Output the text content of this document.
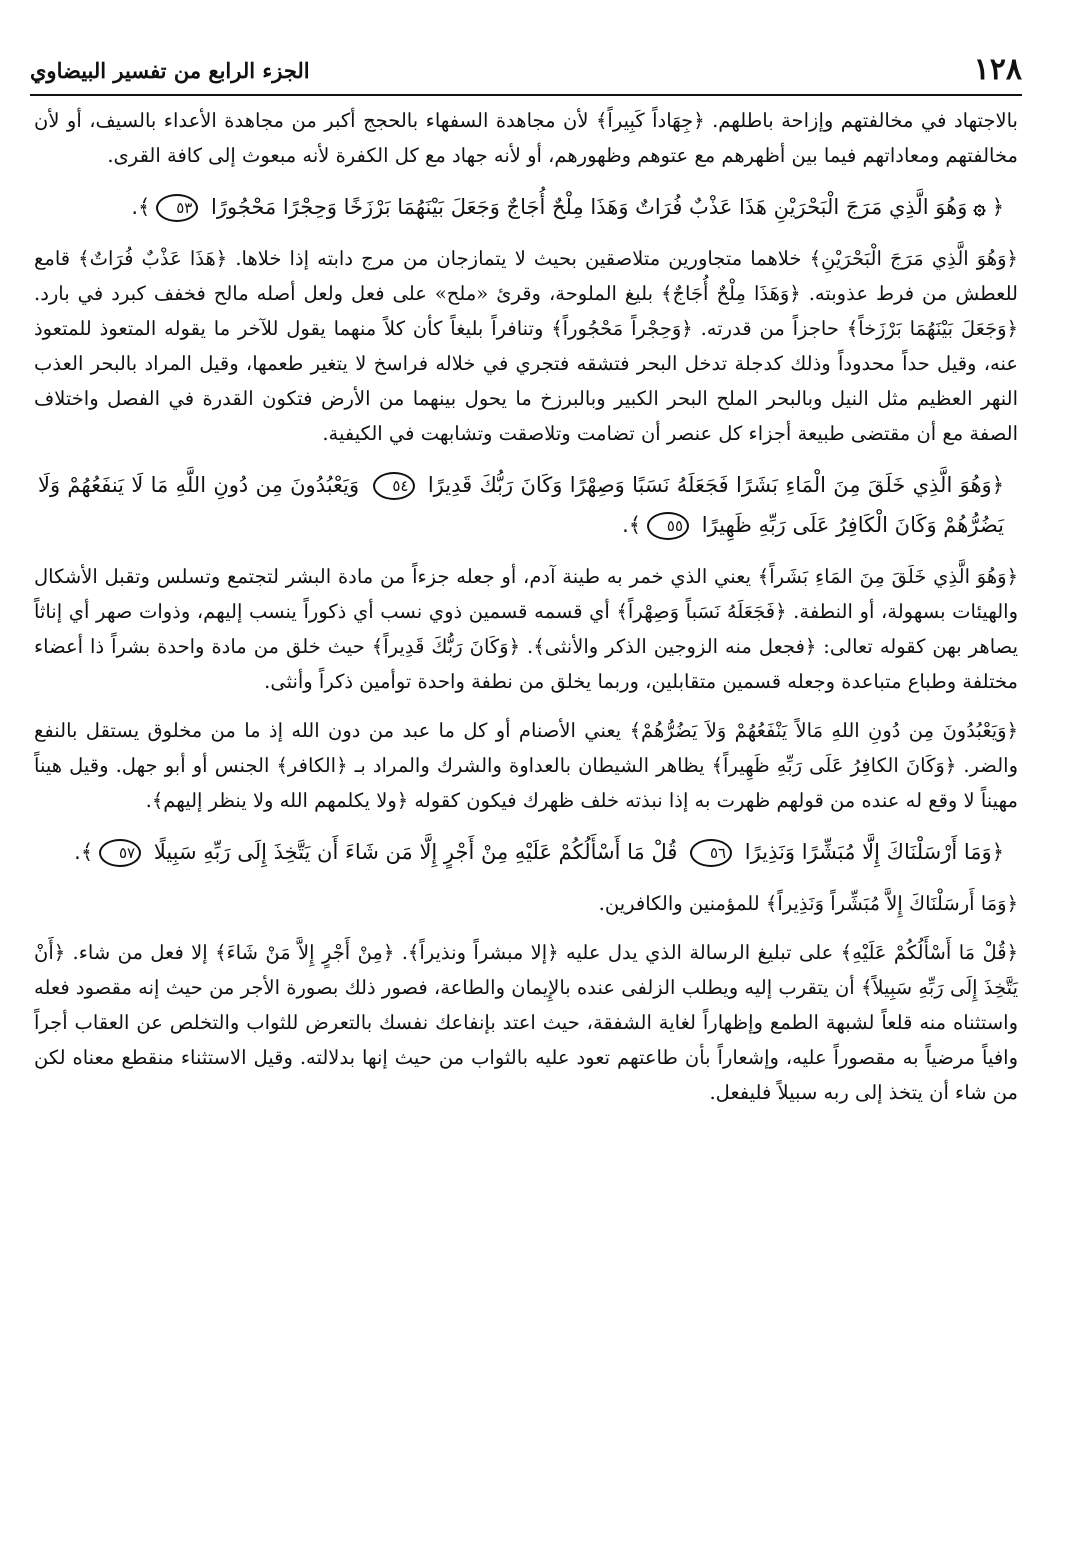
١٢٨
الجزء الرابع من تفسير البيضاوي

بالاجتهاد في مخالفتهم وإزاحة باطلهم. ﴿جِهَاداً كَبِيراً﴾ لأن مجاهدة السفهاء بالحجج أكبر من مجاهدة الأعداء بالسيف، أو لأن مخالفتهم ومعاداتهم فيما بين أظهرهم مع عتوهم وظهورهم، أو لأنه جهاد مع كل الكفرة لأنه مبعوث إلى كافة القرى.

﴿۞وَهُوَ الَّذِي مَرَجَ الْبَحْرَيْنِ هَذَا عَذْبٌ فُرَاتٌ وَهَذَا مِلْحٌ أُجَاجٌ وَجَعَلَ بَيْنَهُمَا بَرْزَخًا وَحِجْرًا مَحْجُورًا ٥٣﴾.

﴿وَهُوَ الَّذِي مَرَجَ الْبَحْرَيْنِ﴾ خلاهما متجاورين متلاصقين بحيث لا يتمازجان من مرج دابته إذا خلاها. ﴿هَذَا عَذْبٌ فُرَاتٌ﴾ قامع للعطش من فرط عذوبته. ﴿وَهَذَا مِلْحٌ أُجَاجٌ﴾ بليغ الملوحة، وقرئ «ملح» على فعل ولعل أصله مالح فخفف كبرد في بارد. ﴿وَجَعَلَ بَيْنَهُمَا بَرْزَخاً﴾ حاجزاً من قدرته. ﴿وَحِجْراً مَحْجُوراً﴾ وتنافراً بليغاً كأن كلاً منهما يقول للآخر ما يقوله المتعوذ للمتعوذ عنه، وقيل حداً محدوداً وذلك كدجلة تدخل البحر فتشقه فتجري في خلاله فراسخ لا يتغير طعمها، وقيل المراد بالبحر العذب النهر العظيم مثل النيل وبالبحر الملح البحر الكبير وبالبرزخ ما يحول بينهما من الأرض فتكون القدرة في الفصل واختلاف الصفة مع أن مقتضى طبيعة أجزاء كل عنصر أن تضامت وتلاصقت وتشابهت في الكيفية.

﴿وَهُوَ الَّذِي خَلَقَ مِنَ الْمَاءِ بَشَرًا فَجَعَلَهُ نَسَبًا وَصِهْرًا وَكَانَ رَبُّكَ قَدِيرًا ٥٤ وَيَعْبُدُونَ مِن دُونِ اللَّهِ مَا لَا يَنفَعُهُمْ وَلَا يَضُرُّهُمْ وَكَانَ الْكَافِرُ عَلَى رَبِّهِ ظَهِيرًا ٥٥﴾.

﴿وَهُوَ الَّذِي خَلَقَ مِنَ المَاءِ بَشَراً﴾ يعني الذي خمر به طينة آدم، أو جعله جزءاً من مادة البشر لتجتمع وتسلس وتقبل الأشكال والهيئات بسهولة، أو النطفة. ﴿فَجَعَلَهُ نَسَباً وَصِهْراً﴾ أي قسمه قسمين ذوي نسب أي ذكوراً ينسب إليهم، وذوات صهر أي إناثاً يصاهر بهن كقوله تعالى: ﴿فجعل منه الزوجين الذكر والأنثى﴾. ﴿وَكَانَ رَبُّكَ قَدِيراً﴾ حيث خلق من مادة واحدة بشراً ذا أعضاء مختلفة وطباع متباعدة وجعله قسمين متقابلين، وربما يخلق من نطفة واحدة توأمين ذكراً وأنثى.

﴿وَيَعْبُدُونَ مِن دُونِ اللهِ مَالاً يَنْفَعُهُمْ وَلاَ يَضُرُّهُمْ﴾ يعني الأصنام أو كل ما عبد من دون الله إذ ما من مخلوق يستقل بالنفع والضر. ﴿وَكَانَ الكافِرُ عَلَى رَبِّهِ ظَهِيراً﴾ يظاهر الشيطان بالعداوة والشرك والمراد بـ ﴿الكافر﴾ الجنس أو أبو جهل. وقيل هيناً مهيناً لا وقع له عنده من قولهم ظهرت به إذا نبذته خلف ظهرك فيكون كقوله ﴿ولا يكلمهم الله ولا ينظر إليهم﴾.

﴿وَمَا أَرْسَلْنَاكَ إِلَّا مُبَشِّرًا وَنَذِيرًا ٥٦ قُلْ مَا أَسْأَلُكُمْ عَلَيْهِ مِنْ أَجْرٍ إِلَّا مَن شَاءَ أَن يَتَّخِذَ إِلَى رَبِّهِ سَبِيلًا ٥٧﴾.

﴿وَمَا أَرسَلْنَاكَ إِلاَّ مُبَشِّراً وَنَذِيراً﴾ للمؤمنين والكافرين.

﴿قُلْ مَا أَسْأَلُكُمْ عَلَيْهِ﴾ على تبليغ الرسالة الذي يدل عليه ﴿إلا مبشراً ونذيراً﴾. ﴿مِنْ أَجْرٍ إِلاَّ مَنْ شَاءَ﴾ إلا فعل من شاء. ﴿أَنْ يَتَّخِذَ إِلَى رَبِّهِ سَبِيلاً﴾ أن يتقرب إليه ويطلب الزلفى عنده بالإِيمان والطاعة، فصور ذلك بصورة الأجر من حيث إنه مقصود فعله واستثناه منه قلعاً لشبهة الطمع وإظهاراً لغاية الشفقة، حيث اعتد بإنفاعك نفسك بالتعرض للثواب والتخلص عن العقاب أجراً وافياً مرضياً به مقصوراً عليه، وإشعاراً بأن طاعتهم تعود عليه بالثواب من حيث إنها بدلالته. وقيل الاستثناء منقطع معناه لكن من شاء أن يتخذ إلى ربه سبيلاً فليفعل.
